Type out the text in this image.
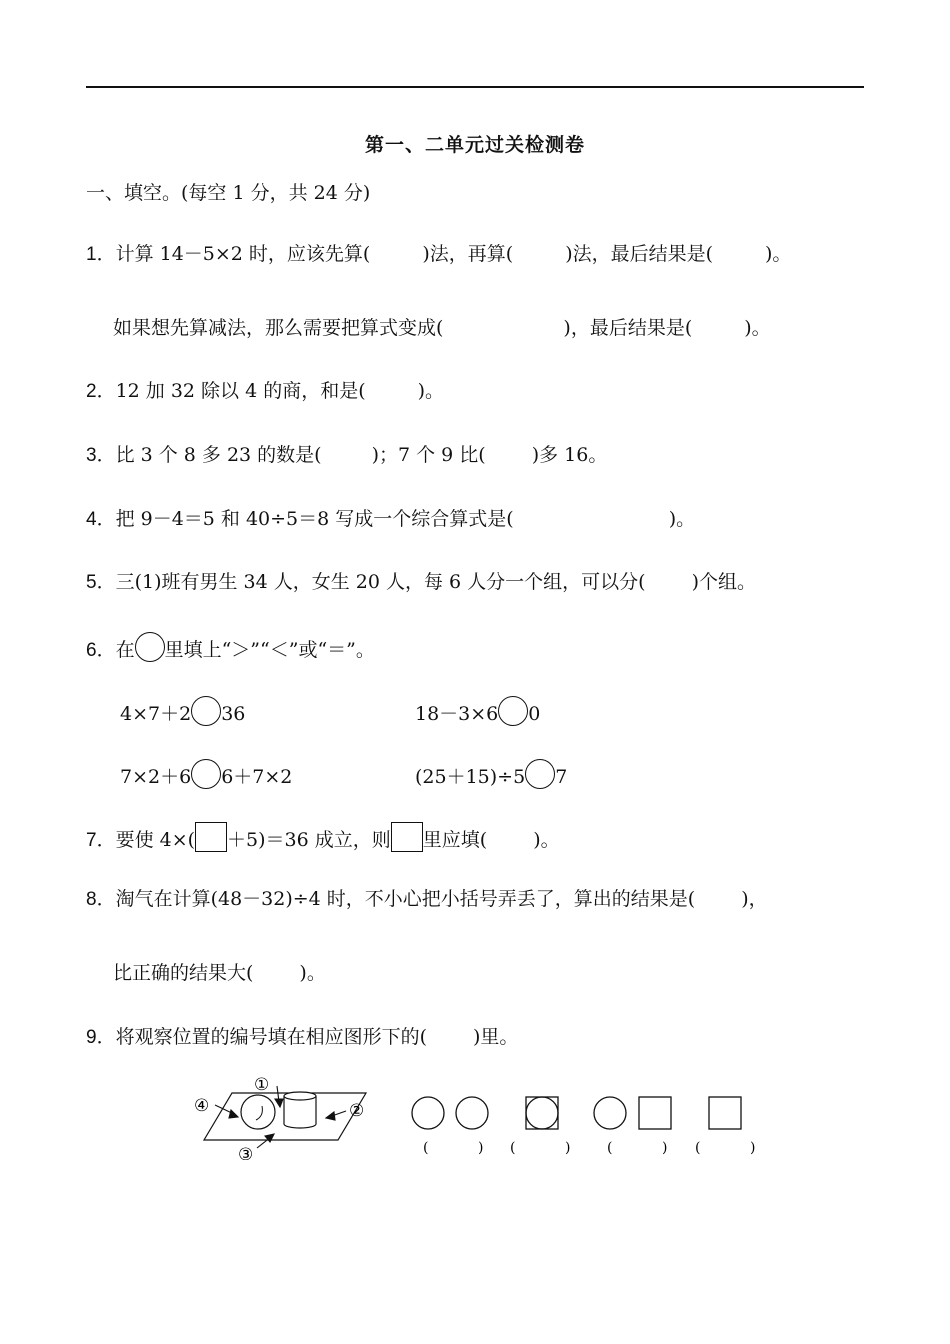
第一、二单元过关检测卷
一、填空。(每空 1 分，共 24 分)
1．计算 14－5×2 时，应该先算(	)法，再算(	)法，最后结果是(	)。
如果想先算减法，那么需要把算式变成(	)，最后结果是(	)。
2．12 加 32 除以 4 的商，和是(	)。
3．比 3 个 8 多 23 的数是(	)；7 个 9 比( )多 16。
4．把 9－4＝5 和 40÷5＝8 写成一个综合算式是(	)。
5．三(1)班有男生 34 人，女生 20 人，每 6 人分一个组，可以分( )个组。
6．在 里填上“＞”“＜”或“＝”。
4×7＋2 36	18－3×6 0
7×2＋6 6＋7×2	(25＋15)÷5 7
7．要使 4×( ＋5)＝36 成立，则 里应填( )。
8．淘气在计算(48－32)÷4 时，不小心把小括号弄丢了，算出的结果是( )，
比正确的结果大( )。
9．将观察位置的编号填在相应图形下的( )里。
①
②
③
④
(	) (	)	(	) (	)
